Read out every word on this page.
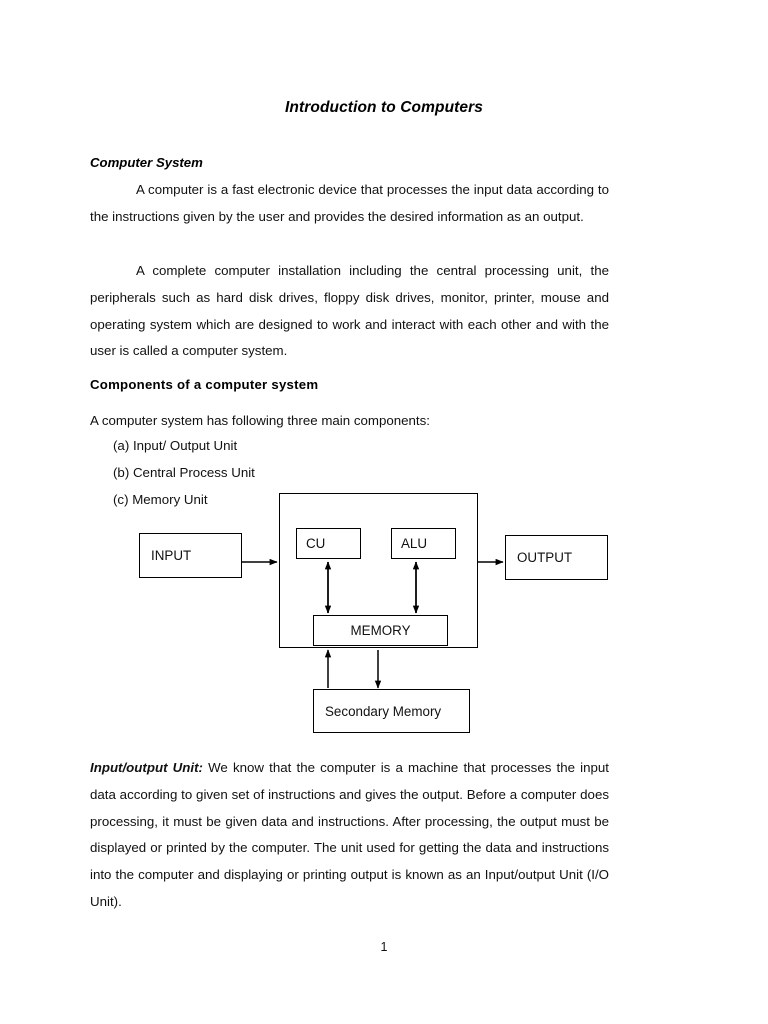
Introduction to Computers
Computer System
A computer is a fast electronic device that processes the input data according to the instructions given by the user and provides the desired information as an output.
A complete computer installation including the central processing unit, the peripherals such as hard disk drives, floppy disk drives, monitor, printer, mouse and operating system which are designed to work and interact with each other and with the user is called a computer system.
Components of a computer system
A computer system has following three main components:
(a) Input/ Output Unit
(b) Central Process Unit
(c) Memory Unit
INPUT
CU	ALU
MEMORY
OUTPUT
Secondary Memory
Input/output Unit: We know that the computer is a machine that processes the input data according to given set of instructions and gives the output. Before a computer does processing, it must be given data and instructions. After processing, the output must be displayed or printed by the computer. The unit used for getting the data and instructions into the computer and displaying or printing output is known as an Input/output Unit (I/O Unit).
1
